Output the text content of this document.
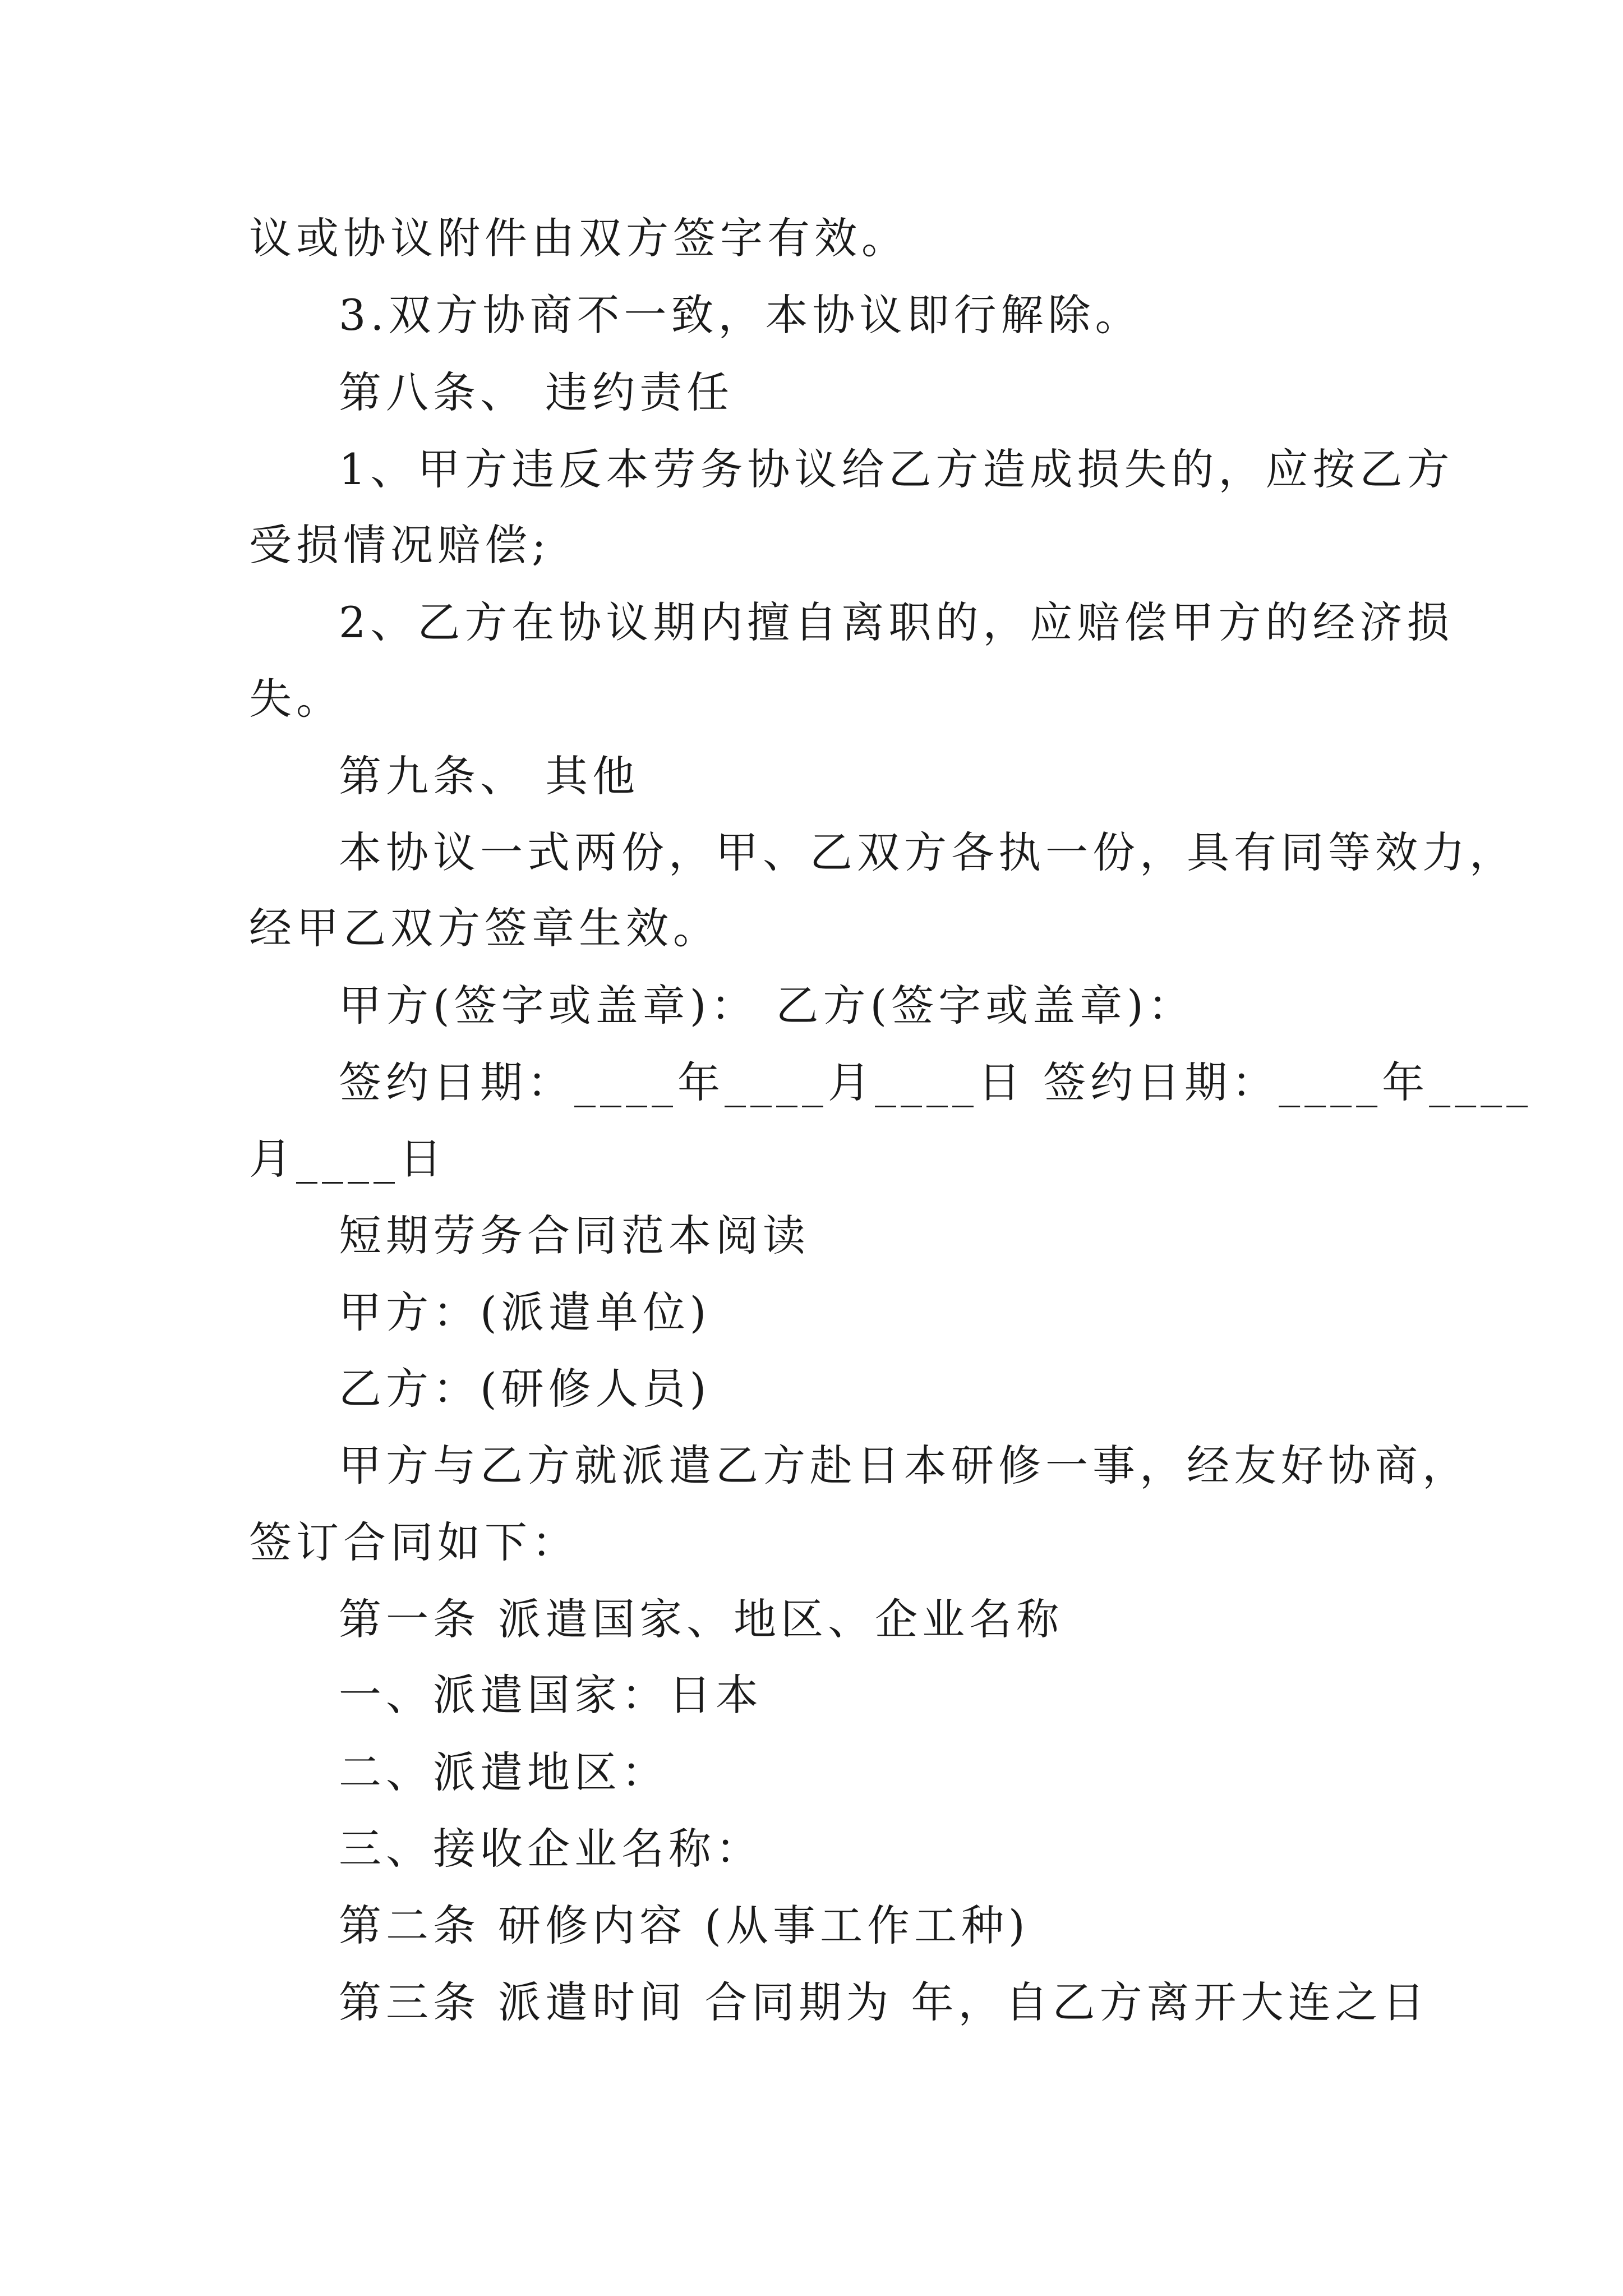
议或协议附件由双方签字有效。
3.双方协商不一致，本协议即行解除。
第八条、 违约责任
1、甲方违反本劳务协议给乙方造成损失的，应按乙方
受损情况赔偿;
2、乙方在协议期内擅自离职的，应赔偿甲方的经济损
失。
第九条、 其他
本协议一式两份，甲、乙双方各执一份，具有同等效力，
经甲乙双方签章生效。
甲方(签字或盖章)： 乙方(签字或盖章)：
签约日期：____年____月____日 签约日期：____年____
月____日
短期劳务合同范本阅读
甲方：(派遣单位)
乙方：(研修人员)
甲方与乙方就派遣乙方赴日本研修一事，经友好协商，
签订合同如下：
第一条 派遣国家、地区、企业名称
一、派遣国家：日本
二、派遣地区：
三、接收企业名称：
第二条 研修内容 (从事工作工种)
第三条 派遣时间 合同期为 年，自乙方离开大连之日
